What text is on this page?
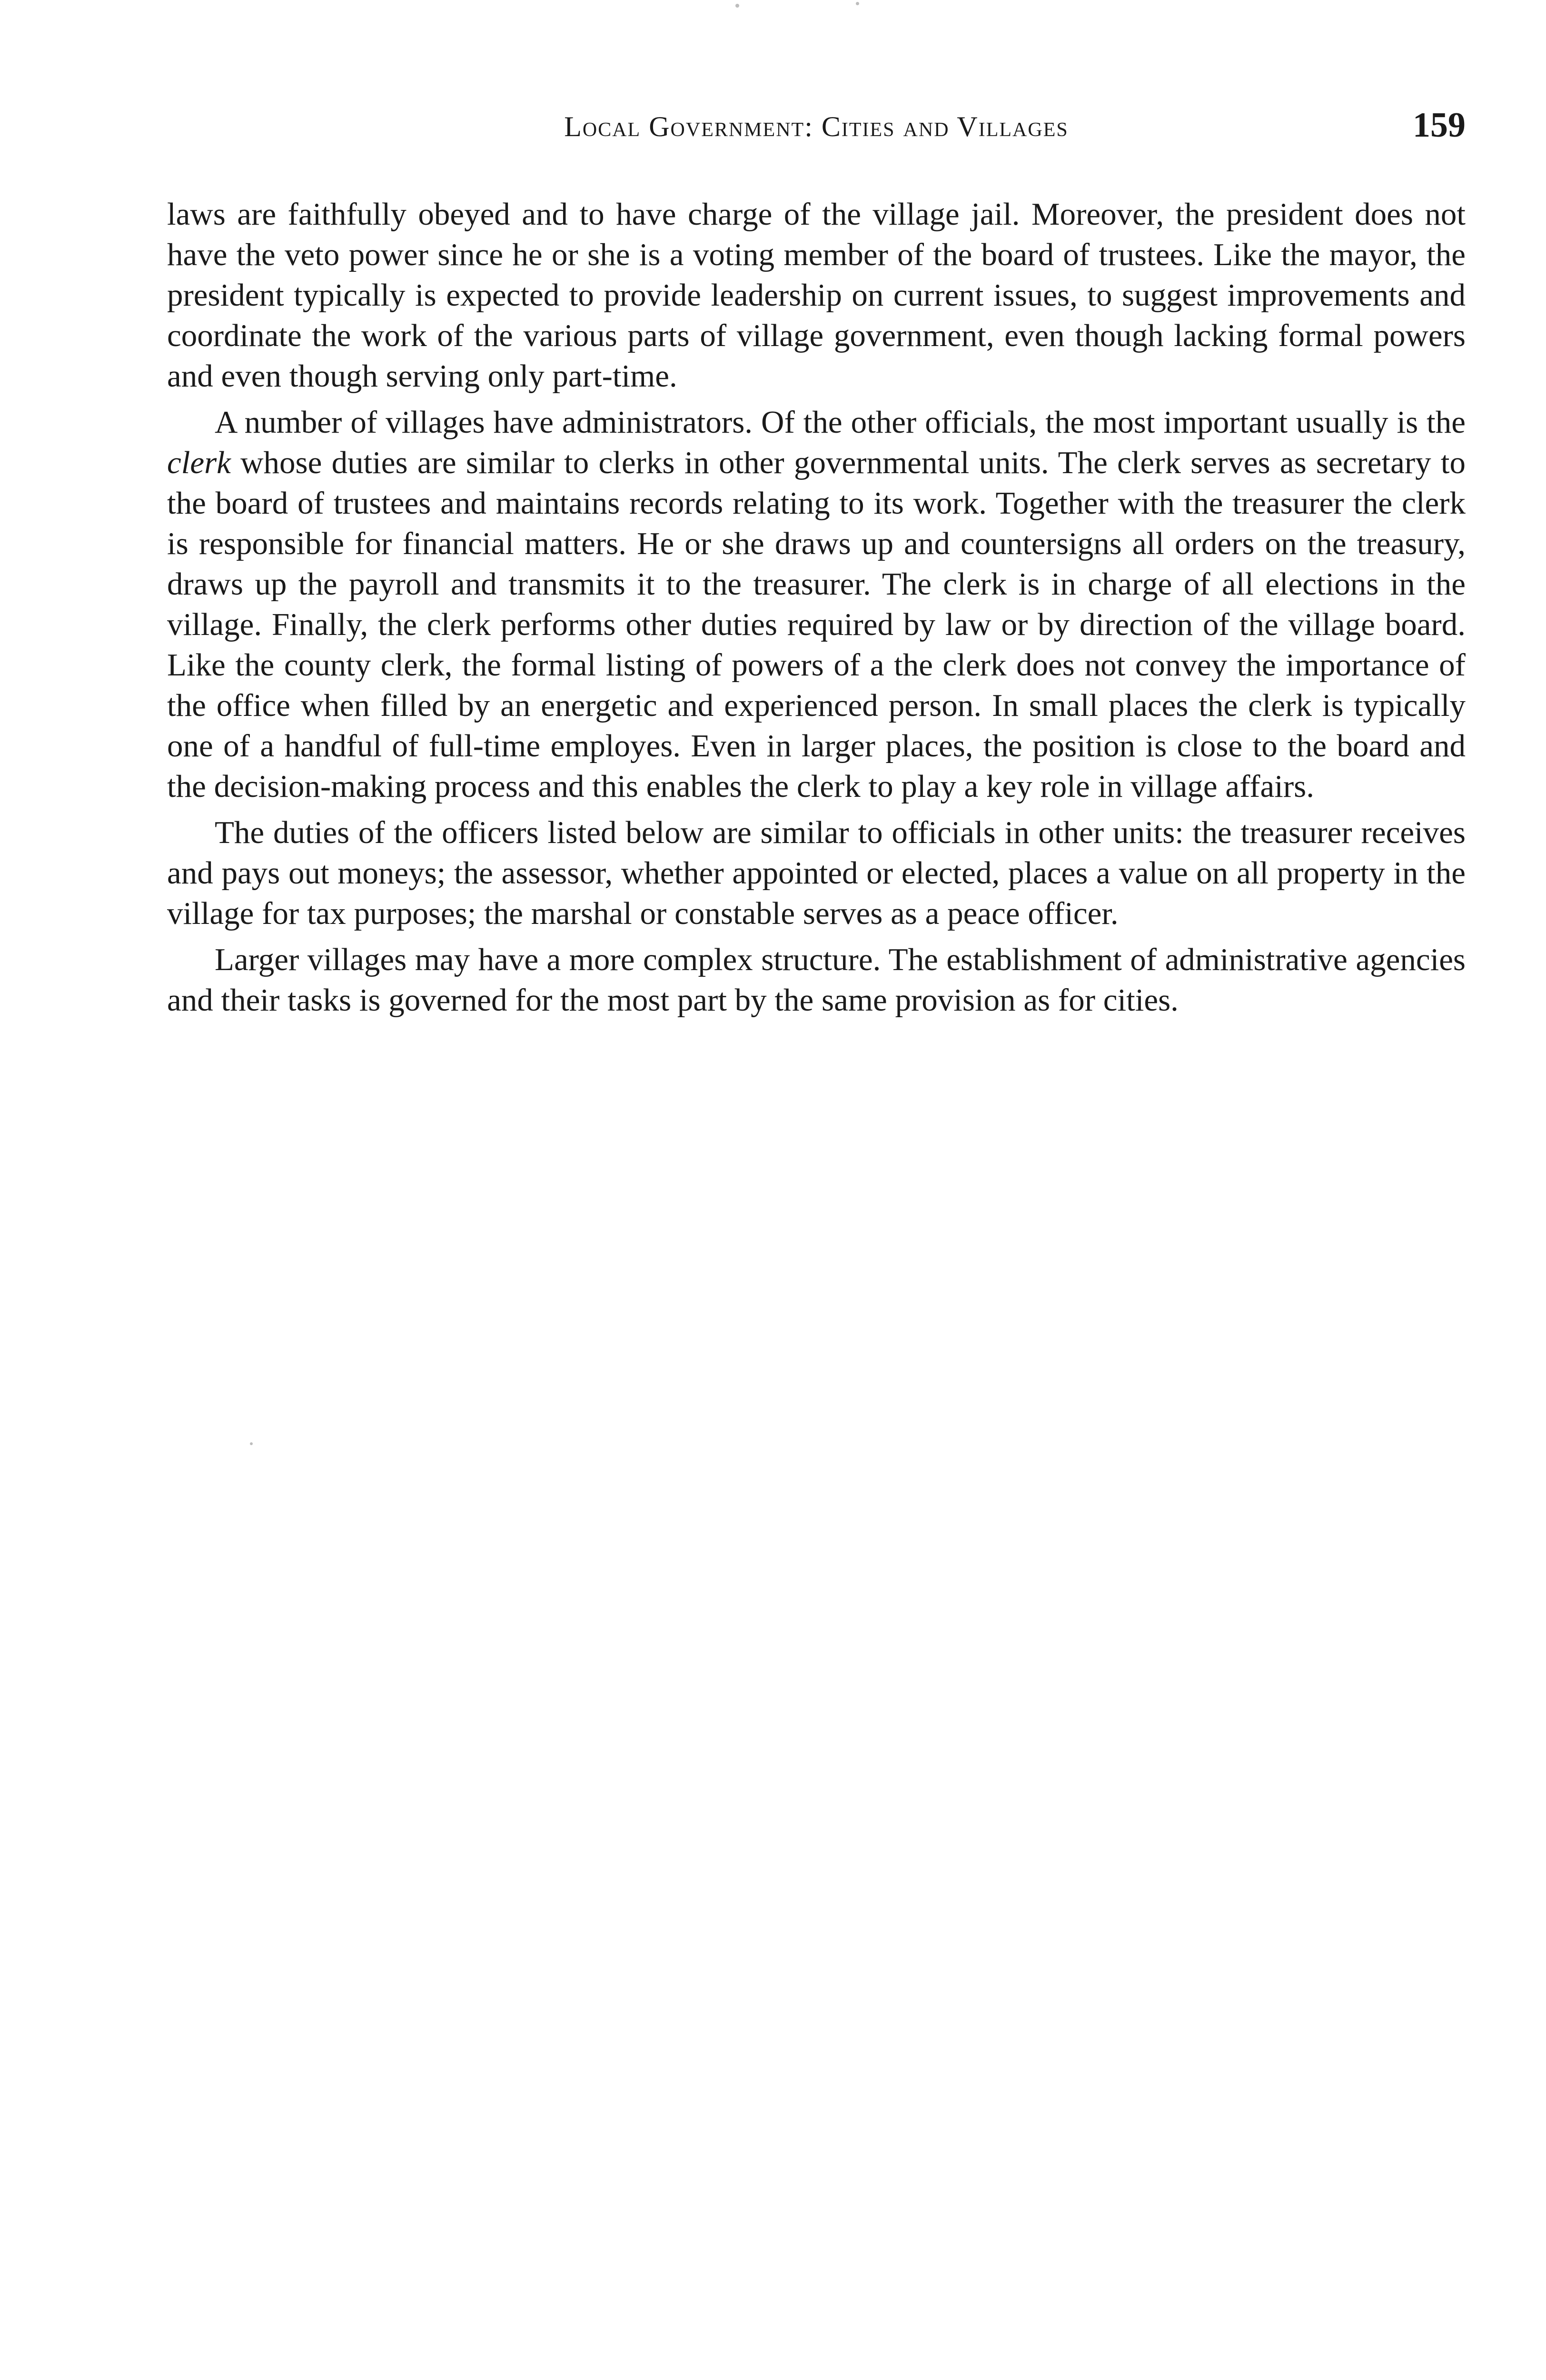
Local Government: Cities and Villages	159

laws are faithfully obeyed and to have charge of the village jail. Moreover, the president does not have the veto power since he or she is a voting member of the board of trustees. Like the mayor, the president typically is expected to provide leadership on current issues, to suggest improvements and coordinate the work of the various parts of village government, even though lacking formal powers and even though serving only part-time.

A number of villages have administrators. Of the other officials, the most important usually is the clerk whose duties are similar to clerks in other governmental units. The clerk serves as secretary to the board of trustees and maintains records relating to its work. Together with the treasurer the clerk is responsible for financial matters. He or she draws up and countersigns all orders on the treasury, draws up the payroll and transmits it to the treasurer. The clerk is in charge of all elections in the village. Finally, the clerk performs other duties required by law or by direction of the village board. Like the county clerk, the formal listing of powers of a the clerk does not convey the importance of the office when filled by an energetic and experienced person. In small places the clerk is typically one of a handful of full-time employes. Even in larger places, the position is close to the board and the decision-making process and this enables the clerk to play a key role in village affairs.

The duties of the officers listed below are similar to officials in other units: the treasurer receives and pays out moneys; the assessor, whether appointed or elected, places a value on all property in the village for tax purposes; the marshal or constable serves as a peace officer.

Larger villages may have a more complex structure. The establishment of administrative agencies and their tasks is governed for the most part by the same provision as for cities.
